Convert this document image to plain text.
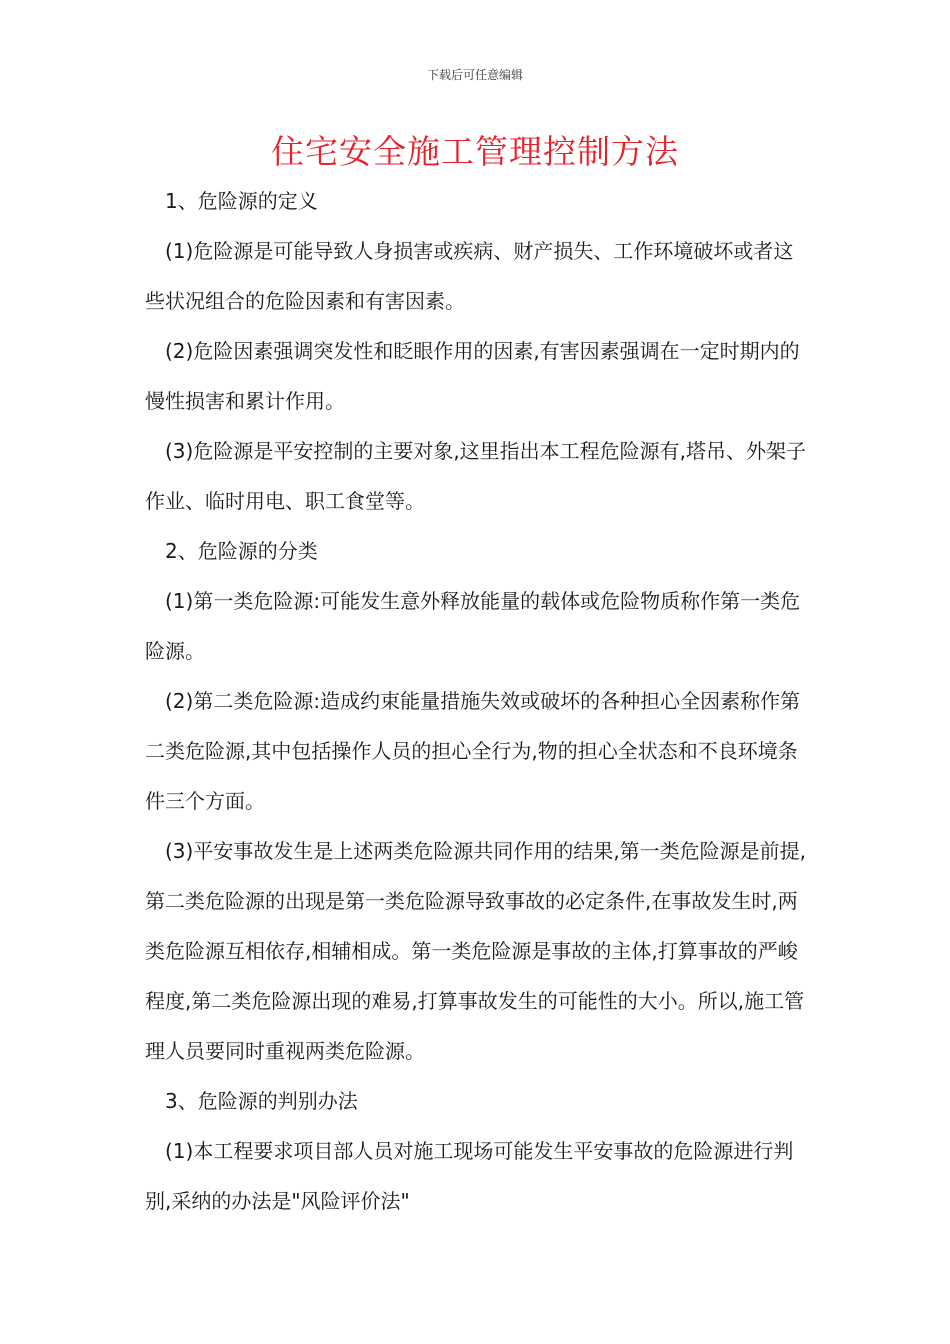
下载后可任意编辑
住宅安全施工管理控制方法

1、危险源的定义

(1)危险源是可能导致人身损害或疾病、财产损失、工作环境破坏或者这些状况组合的危险因素和有害因素。

(2)危险因素强调突发性和眨眼作用的因素,有害因素强调在一定时期内的慢性损害和累计作用。

(3)危险源是平安控制的主要对象,这里指出本工程危险源有,塔吊、外架子作业、临时用电、职工食堂等。

2、危险源的分类

(1)第一类危险源:可能发生意外释放能量的载体或危险物质称作第一类危险源。

(2)第二类危险源:造成约束能量措施失效或破坏的各种担心全因素称作第二类危险源,其中包括操作人员的担心全行为,物的担心全状态和不良环境条件三个方面。

(3)平安事故发生是上述两类危险源共同作用的结果,第一类危险源是前提,第二类危险源的出现是第一类危险源导致事故的必定条件,在事故发生时,两类危险源互相依存,相辅相成。第一类危险源是事故的主体,打算事故的严峻程度,第二类危险源出现的难易,打算事故发生的可能性的大小。所以,施工管理人员要同时重视两类危险源。

3、危险源的判别办法

(1)本工程要求项目部人员对施工现场可能发生平安事故的危险源进行判别,采纳的办法是"风险评价法"
